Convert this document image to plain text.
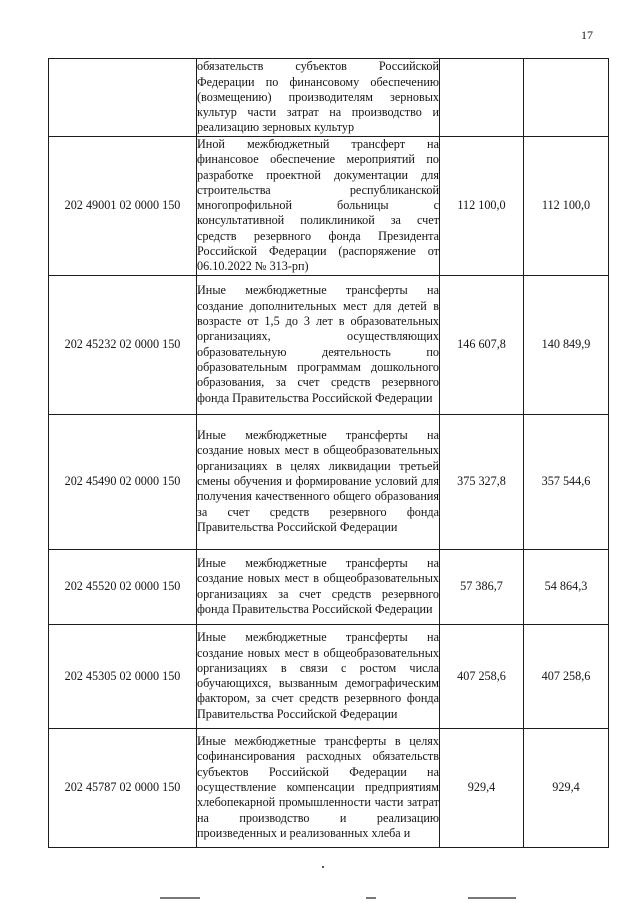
17
	обязательств субъектов Российской Федерации по финансовому обеспечению (возмещению) производителям зерновых культур части затрат на производство и реализацию зерновых культур		
202 49001 02 0000 150	Иной межбюджетный трансферт на финансовое обеспечение мероприятий по разработке проектной документации для строительства республиканской многопрофильной больницы с консультативной поликлиникой за счет средств резервного фонда Президента Российской Федерации (распоряжение от 06.10.2022 № 313-рп)	112 100,0	112 100,0
202 45232 02 0000 150	Иные межбюджетные трансферты на создание дополнительных мест для детей в возрасте от 1,5 до 3 лет в образовательных организациях, осуществляющих образовательную деятельность по образовательным программам дошкольного образования, за счет средств резервного фонда Правительства Российской Федерации	146 607,8	140 849,9
202 45490 02 0000 150	Иные межбюджетные трансферты на создание новых мест в общеобразовательных организациях в целях ликвидации третьей смены обучения и формирование условий для получения качественного общего образования за счет средств резервного фонда Правительства Российской Федерации	375 327,8	357 544,6
202 45520 02 0000 150	Иные межбюджетные трансферты на создание новых мест в общеобразовательных организациях за счет средств резервного фонда Правительства Российской Федерации	57 386,7	54 864,3
202 45305 02 0000 150	Иные межбюджетные трансферты на создание новых мест в общеобразовательных организациях в связи с ростом числа обучающихся, вызванным демографическим фактором, за счет средств резервного фонда Правительства Российской Федерации	407 258,6	407 258,6
202 45787 02 0000 150	Иные межбюджетные трансферты в целях софинансирования расходных обязательств субъектов Российской Федерации на осуществление компенсации предприятиям хлебопекарной промышленности части затрат на производство и реализацию произведенных и реализованных хлеба и	929,4	929,4
